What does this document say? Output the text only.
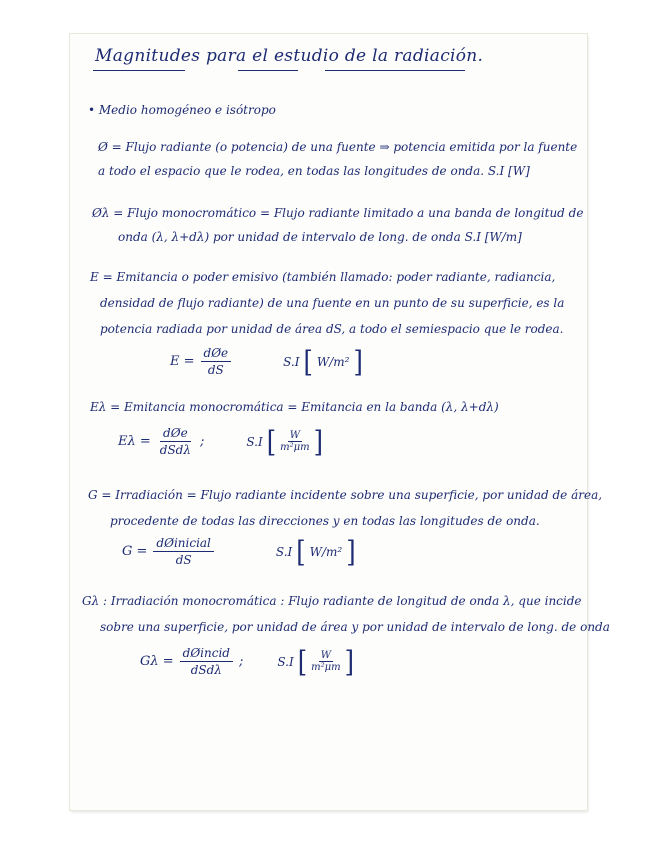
Magnitudes para el estudio de la radiación.
• Medio homogéneo e isótropo
Ø = Flujo radiante (o potencia) de una fuente ⇒ potencia emitida por la fuente
a todo el espacio que le rodea, en todas las longitudes de onda. S.I [W]
Øλ = Flujo monocromático = Flujo radiante limitado a una banda de longitud de
onda (λ, λ+dλ) por unidad de intervalo de long. de onda S.I [W/m]
E = Emitancia o poder emisivo (también llamado: poder radiante, radiancia,
densidad de flujo radiante) de una fuente en un punto de su superficie, es la
potencia radiada por unidad de área dS, a todo el semiespacio que le rodea.
$E = \frac{\text{dØe}}{dS}$	S.I [ W/m² ]
Eλ = Emitancia monocromática = Emitancia en la banda (λ, λ+dλ)
$E\lambda = \frac{\text{dØe}}{\text{dSdλ}}$ ;	S.I [ $\frac{W}{\text{m²μm}}$ ]
G = Irradiación = Flujo radiante incidente sobre una superficie, por unidad de área,
procedente de todas las direcciones y en todas las longitudes de onda.
$G = \frac{\text{dØinicial}}{dS}$	S.I [ W/m² ]
Gλ : Irradiación monocromática : Flujo radiante de longitud de onda λ, que incide
sobre una superficie, por unidad de área y por unidad de intervalo de long. de onda
$G\lambda = \frac{\text{dØincid}}{\text{dSdλ}}$ ;	S.I [ $\frac{W}{\text{m²μm}}$ ]
